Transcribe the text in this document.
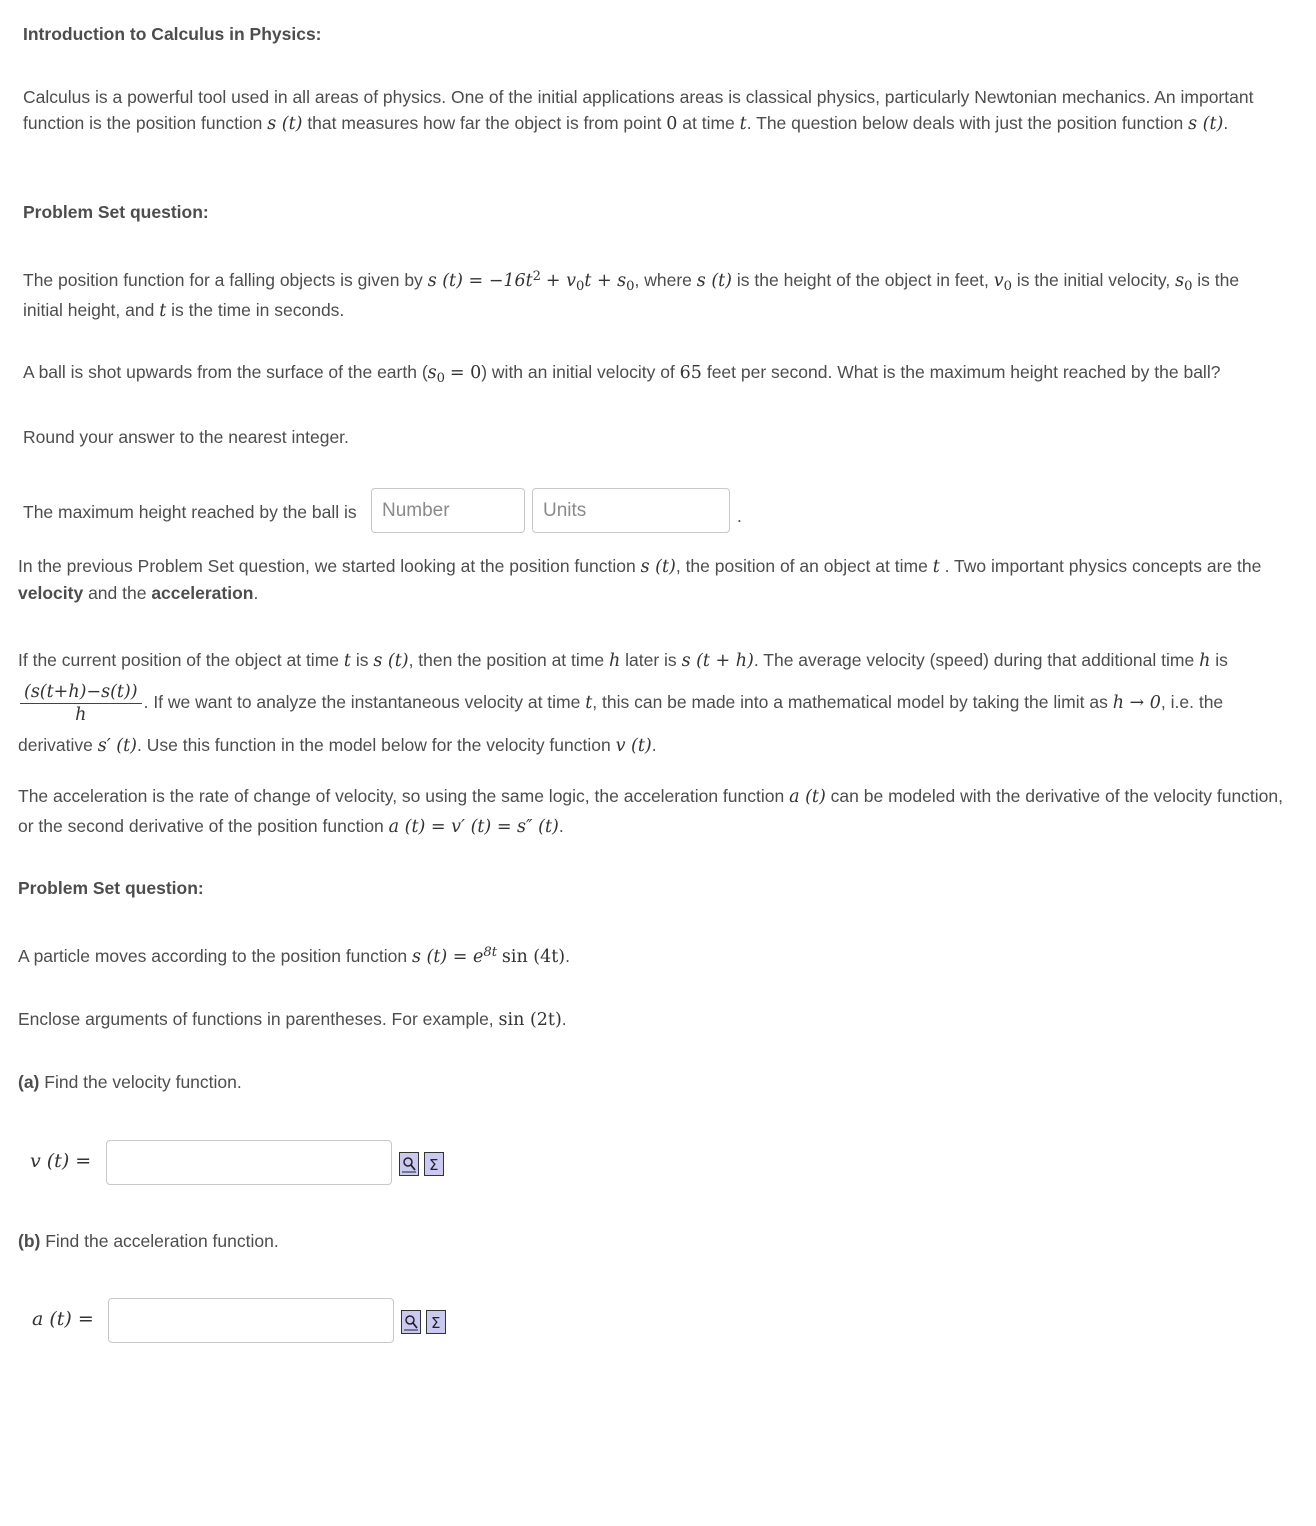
Introduction to Calculus in Physics:
Calculus is a powerful tool used in all areas of physics. One of the initial applications areas is classical physics, particularly Newtonian mechanics. An important function is the position function s (t) that measures how far the object is from point 0 at time t. The question below deals with just the position function s (t).
Problem Set question:
The position function for a falling objects is given by s $(t) = -16t^2 + v_0t + s_0$, where s (t) is the height of the object in feet, $v_0$ is the initial velocity, $s_0$ is the initial height, and t is the time in seconds.
A ball is shot upwards from the surface of the earth $(s_0 = 0)$ with an initial velocity of 65 feet per second. What is the maximum height reached by the ball?
Round your answer to the nearest integer.
The maximum height reached by the ball is
Number
Units	.
In the previous Problem Set question, we started looking at the position function s (t), the position of an object at time t . Two important physics concepts are the velocity and the acceleration.
If the current position of the object at time t is s (t), then the position at time h later is s (t + h). The average velocity (speed) during that additional time h is
$\frac{(s(t+h)-s(t))}{h}$ . If we want to analyze the instantaneous velocity at time t, this can be made into a mathematical model by taking the limit as h → 0, i.e. the derivative s′ (t). Use this function in the model below for the velocity function v (t).
The acceleration is the rate of change of velocity, so using the same logic, the acceleration function a (t) can be modeled with the derivative of the velocity function, or the second derivative of the position function a (t) = v′ (t) = s″ (t).
Problem Set question:
A particle moves according to the position function s $(t) = e^{8t}$ sin (4t).
Enclose arguments of functions in parentheses. For example, sin (2t).
(a) Find the velocity function.
v (t) =	Σ
(b) Find the acceleration function.
a (t) =	Σ
